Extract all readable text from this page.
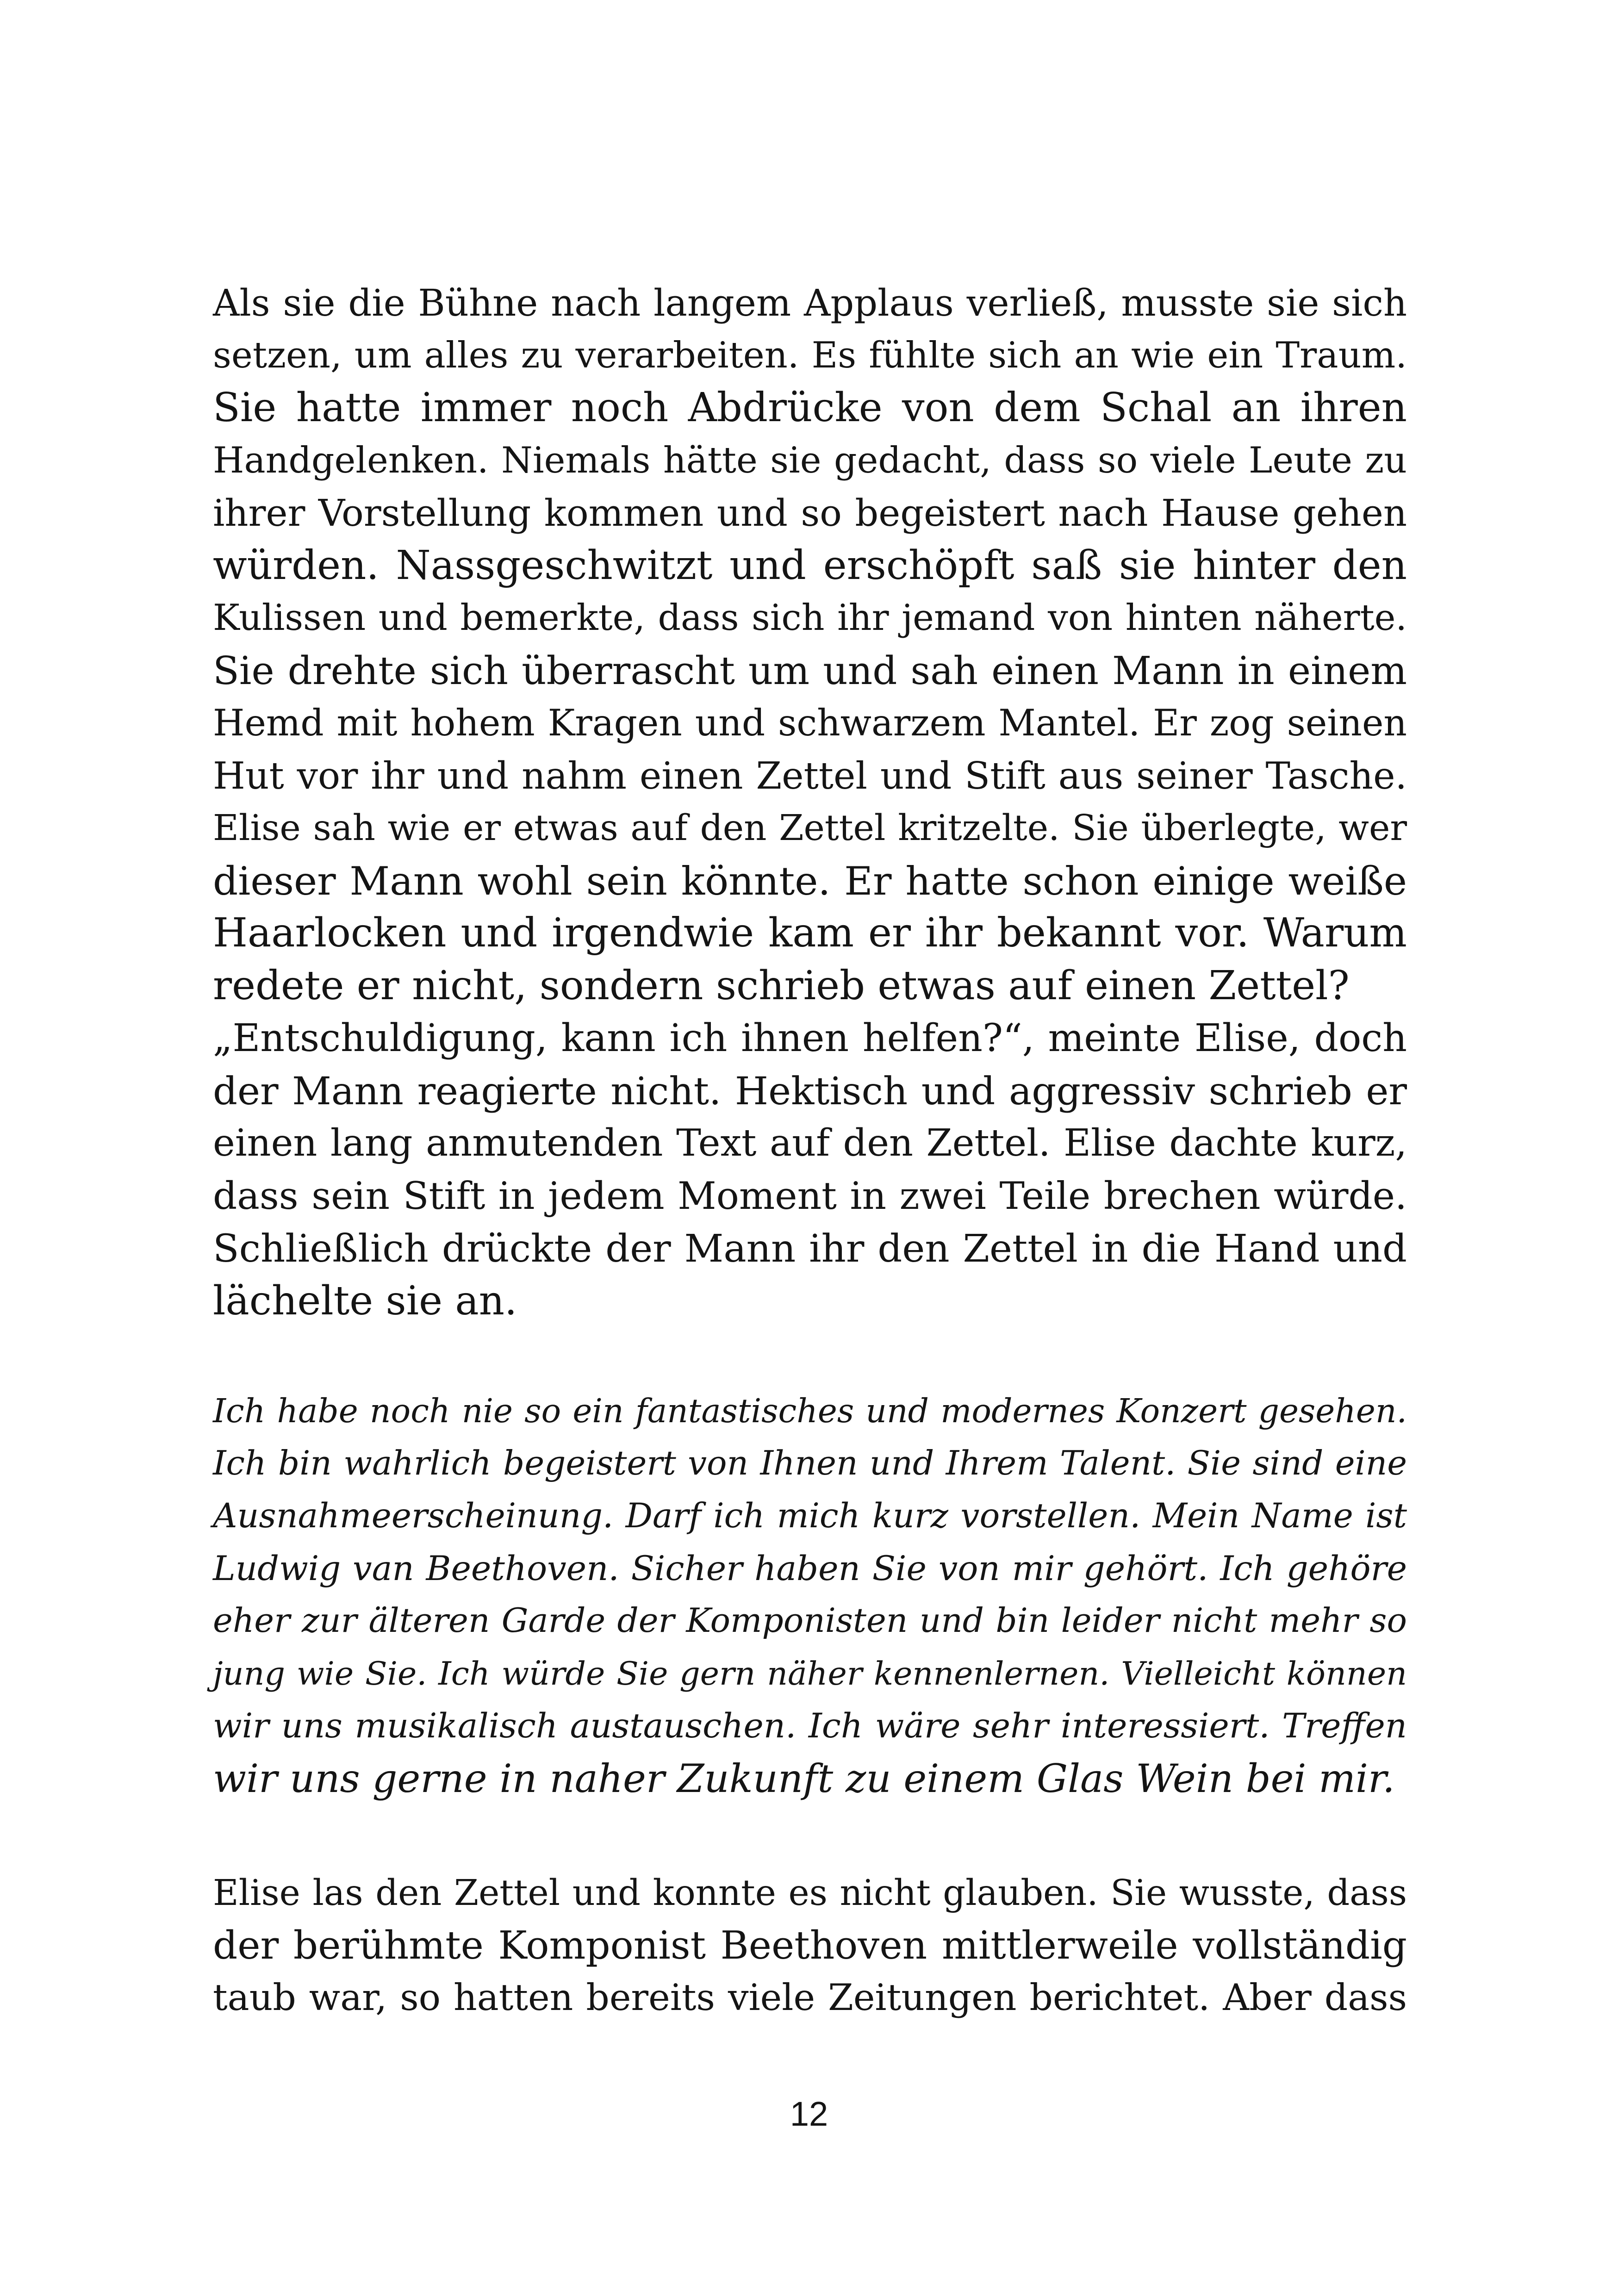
Als sie die Bühne nach langem Applaus verließ, musste sie sich
setzen, um alles zu verarbeiten. Es fühlte sich an wie ein Traum.
Sie hatte immer noch Abdrücke von dem Schal an ihren
Handgelenken. Niemals hätte sie gedacht, dass so viele Leute zu
ihrer Vorstellung kommen und so begeistert nach Hause gehen
würden. Nassgeschwitzt und erschöpft saß sie hinter den
Kulissen und bemerkte, dass sich ihr jemand von hinten näherte.
Sie drehte sich überrascht um und sah einen Mann in einem
Hemd mit hohem Kragen und schwarzem Mantel. Er zog seinen
Hut vor ihr und nahm einen Zettel und Stift aus seiner Tasche.
Elise sah wie er etwas auf den Zettel kritzelte. Sie überlegte, wer
dieser Mann wohl sein könnte. Er hatte schon einige weiße
Haarlocken und irgendwie kam er ihr bekannt vor. Warum
redete er nicht, sondern schrieb etwas auf einen Zettel?
„Entschuldigung, kann ich ihnen helfen?“, meinte Elise, doch
der Mann reagierte nicht. Hektisch und aggressiv schrieb er
einen lang anmutenden Text auf den Zettel. Elise dachte kurz,
dass sein Stift in jedem Moment in zwei Teile brechen würde.
Schließlich drückte der Mann ihr den Zettel in die Hand und
lächelte sie an.
Ich habe noch nie so ein fantastisches und modernes Konzert gesehen.
Ich bin wahrlich begeistert von Ihnen und Ihrem Talent. Sie sind eine
Ausnahmeerscheinung. Darf ich mich kurz vorstellen. Mein Name ist
Ludwig van Beethoven. Sicher haben Sie von mir gehört. Ich gehöre
eher zur älteren Garde der Komponisten und bin leider nicht mehr so
jung wie Sie. Ich würde Sie gern näher kennenlernen. Vielleicht können
wir uns musikalisch austauschen. Ich wäre sehr interessiert. Treffen
wir uns gerne in naher Zukunft zu einem Glas Wein bei mir.
Elise las den Zettel und konnte es nicht glauben. Sie wusste, dass
der berühmte Komponist Beethoven mittlerweile vollständig
taub war, so hatten bereits viele Zeitungen berichtet. Aber dass
12
